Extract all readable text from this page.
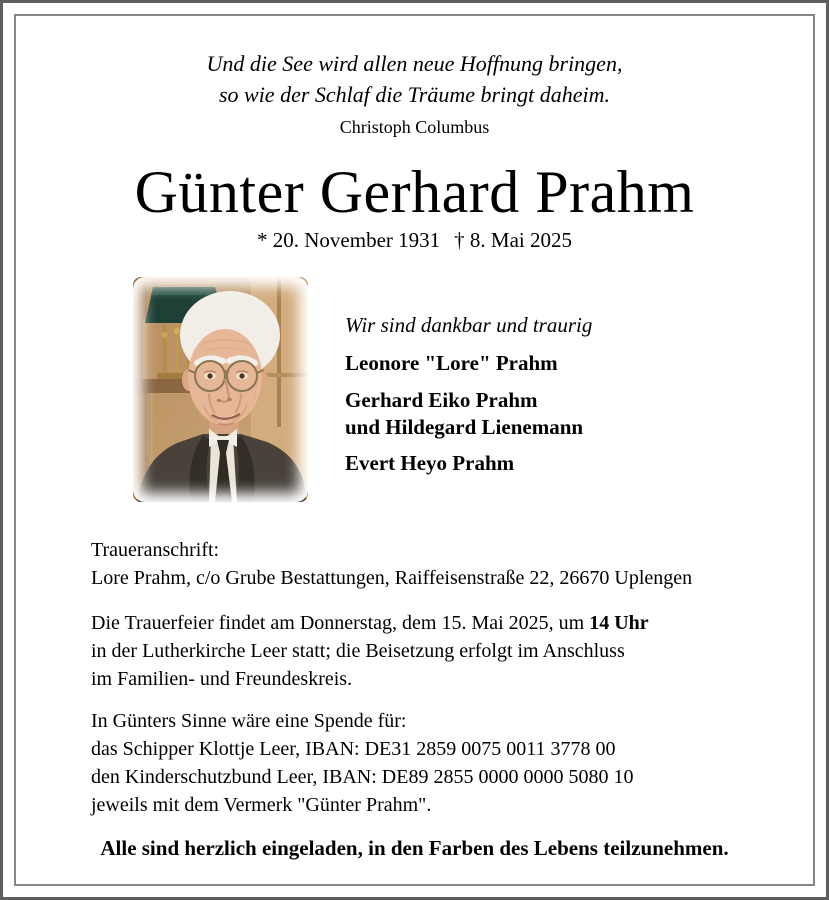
Und die See wird allen neue Hoffnung bringen,
so wie der Schlaf die Träume bringt daheim.
Christoph Columbus
Günter Gerhard Prahm
* 20. November 1931 † 8. Mai 2025
Wir sind dankbar und traurig
Leonore "Lore" Prahm
Gerhard Eiko Prahm
und Hildegard Lienemann
Evert Heyo Prahm
Traueranschrift:
Lore Prahm, c/o Grube Bestattungen, Raiffeisenstraße 22, 26670 Uplengen
Die Trauerfeier findet am Donnerstag, dem 15. Mai 2025, um 14 Uhr
in der Lutherkirche Leer statt; die Beisetzung erfolgt im Anschluss
im Familien- und Freundeskreis.
In Günters Sinne wäre eine Spende für:
das Schipper Klottje Leer, IBAN: DE31 2859 0075 0011 3778 00
den Kinderschutzbund Leer, IBAN: DE89 2855 0000 0000 5080 10
jeweils mit dem Vermerk "Günter Prahm".
Alle sind herzlich eingeladen, in den Farben des Lebens teilzunehmen.
